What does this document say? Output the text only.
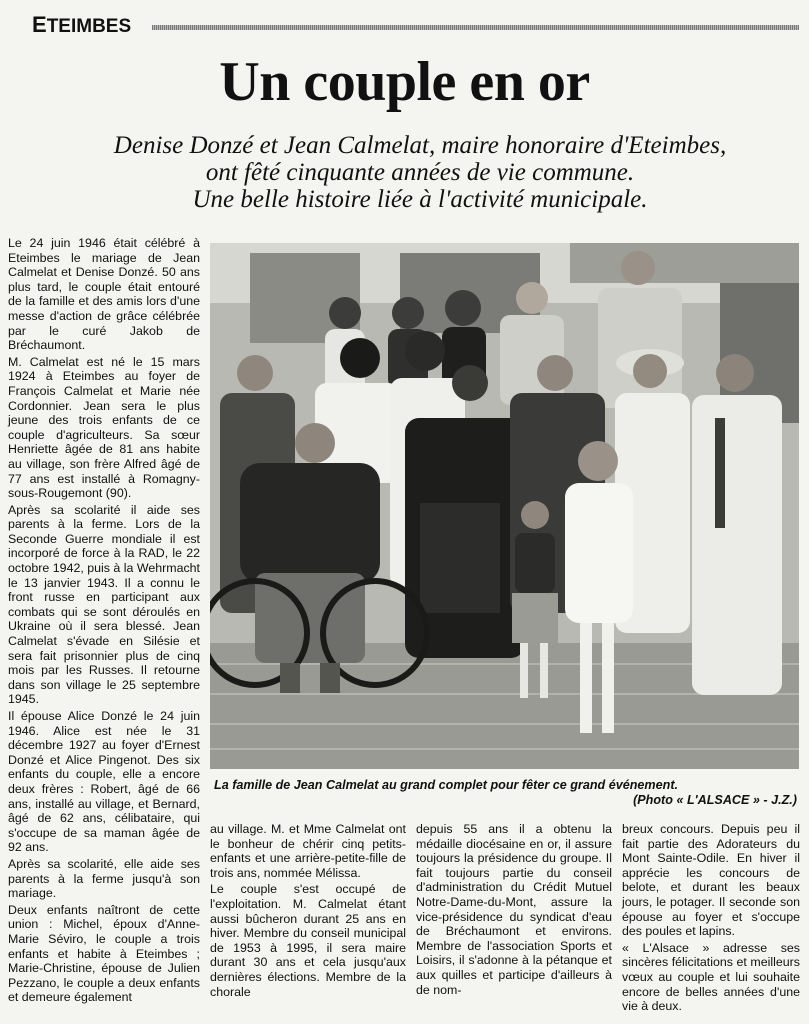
ETEIMBES
Un couple en or
Denise Donzé et Jean Calmelat, maire honoraire d'Eteimbes,
ont fêté cinquante années de vie commune.
Une belle histoire liée à l'activité municipale.

Le 24 juin 1946 était célébré à Eteimbes le mariage de Jean Calmelat et Denise Donzé. 50 ans plus tard, le couple était entouré de la famille et des amis lors d'une messe d'action de grâce célébrée par le curé Jakob de Bréchaumont.

M. Calmelat est né le 15 mars 1924 à Eteimbes au foyer de François Calmelat et Marie née Cordonnier. Jean sera le plus jeune des trois enfants de ce couple d'agriculteurs. Sa sœur Henriette âgée de 81 ans habite au village, son frère Alfred âgé de 77 ans est installé à Romagny-sous-Rougemont (90).

Après sa scolarité il aide ses parents à la ferme. Lors de la Seconde Guerre mondiale il est incorporé de force à la RAD, le 22 octobre 1942, puis à la Wehrmacht le 13 janvier 1943. Il a connu le front russe en participant aux combats qui se sont déroulés en Ukraine où il sera blessé. Jean Calmelat s'évade en Silésie et sera fait prisonnier plus de cinq mois par les Russes. Il retourne dans son village le 25 septembre 1945.

Il épouse Alice Donzé le 24 juin 1946. Alice est née le 31 décembre 1927 au foyer d'Ernest Donzé et Alice Pingenot. Des six enfants du couple, elle a encore deux frères : Robert, âgé de 66 ans, installé au village, et Bernard, âgé de 62 ans, célibataire, qui s'occupe de sa maman âgée de 92 ans.

Après sa scolarité, elle aide ses parents à la ferme jusqu'à son mariage.

Deux enfants naîtront de cette union : Michel, époux d'Anne-Marie Séviro, le couple a trois enfants et habite à Eteimbes ; Marie-Christine, épouse de Julien Pezzano, le couple a deux enfants et demeure également

La famille de Jean Calmelat au grand complet pour fêter ce grand événement.
(Photo « L'ALSACE » - J.Z.)

au village. M. et Mme Calmelat ont le bonheur de chérir cinq petits-enfants et une arrière-petite-fille de trois ans, nommée Mélissa.

Le couple s'est occupé de l'exploitation. M. Calmelat étant aussi bûcheron durant 25 ans en hiver. Membre du conseil municipal de 1953 à 1995, il sera maire durant 30 ans et cela jusqu'aux dernières élections. Membre de la chorale

depuis 55 ans il a obtenu la médaille diocésaine en or, il assure toujours la présidence du groupe. Il fait toujours partie du conseil d'administration du Crédit Mutuel Notre-Dame-du-Mont, assure la vice-présidence du syndicat d'eau de Bréchaumont et environs. Membre de l'association Sports et Loisirs, il s'adonne à la pétanque et aux quilles et participe d'ailleurs à de nom-

breux concours. Depuis peu il fait partie des Adorateurs du Mont Sainte-Odile. En hiver il apprécie les concours de belote, et durant les beaux jours, le potager. Il seconde son épouse au foyer et s'occupe des poules et lapins.

« L'Alsace » adresse ses sincères félicitations et meilleurs vœux au couple et lui souhaite encore de belles années d'une vie à deux.
